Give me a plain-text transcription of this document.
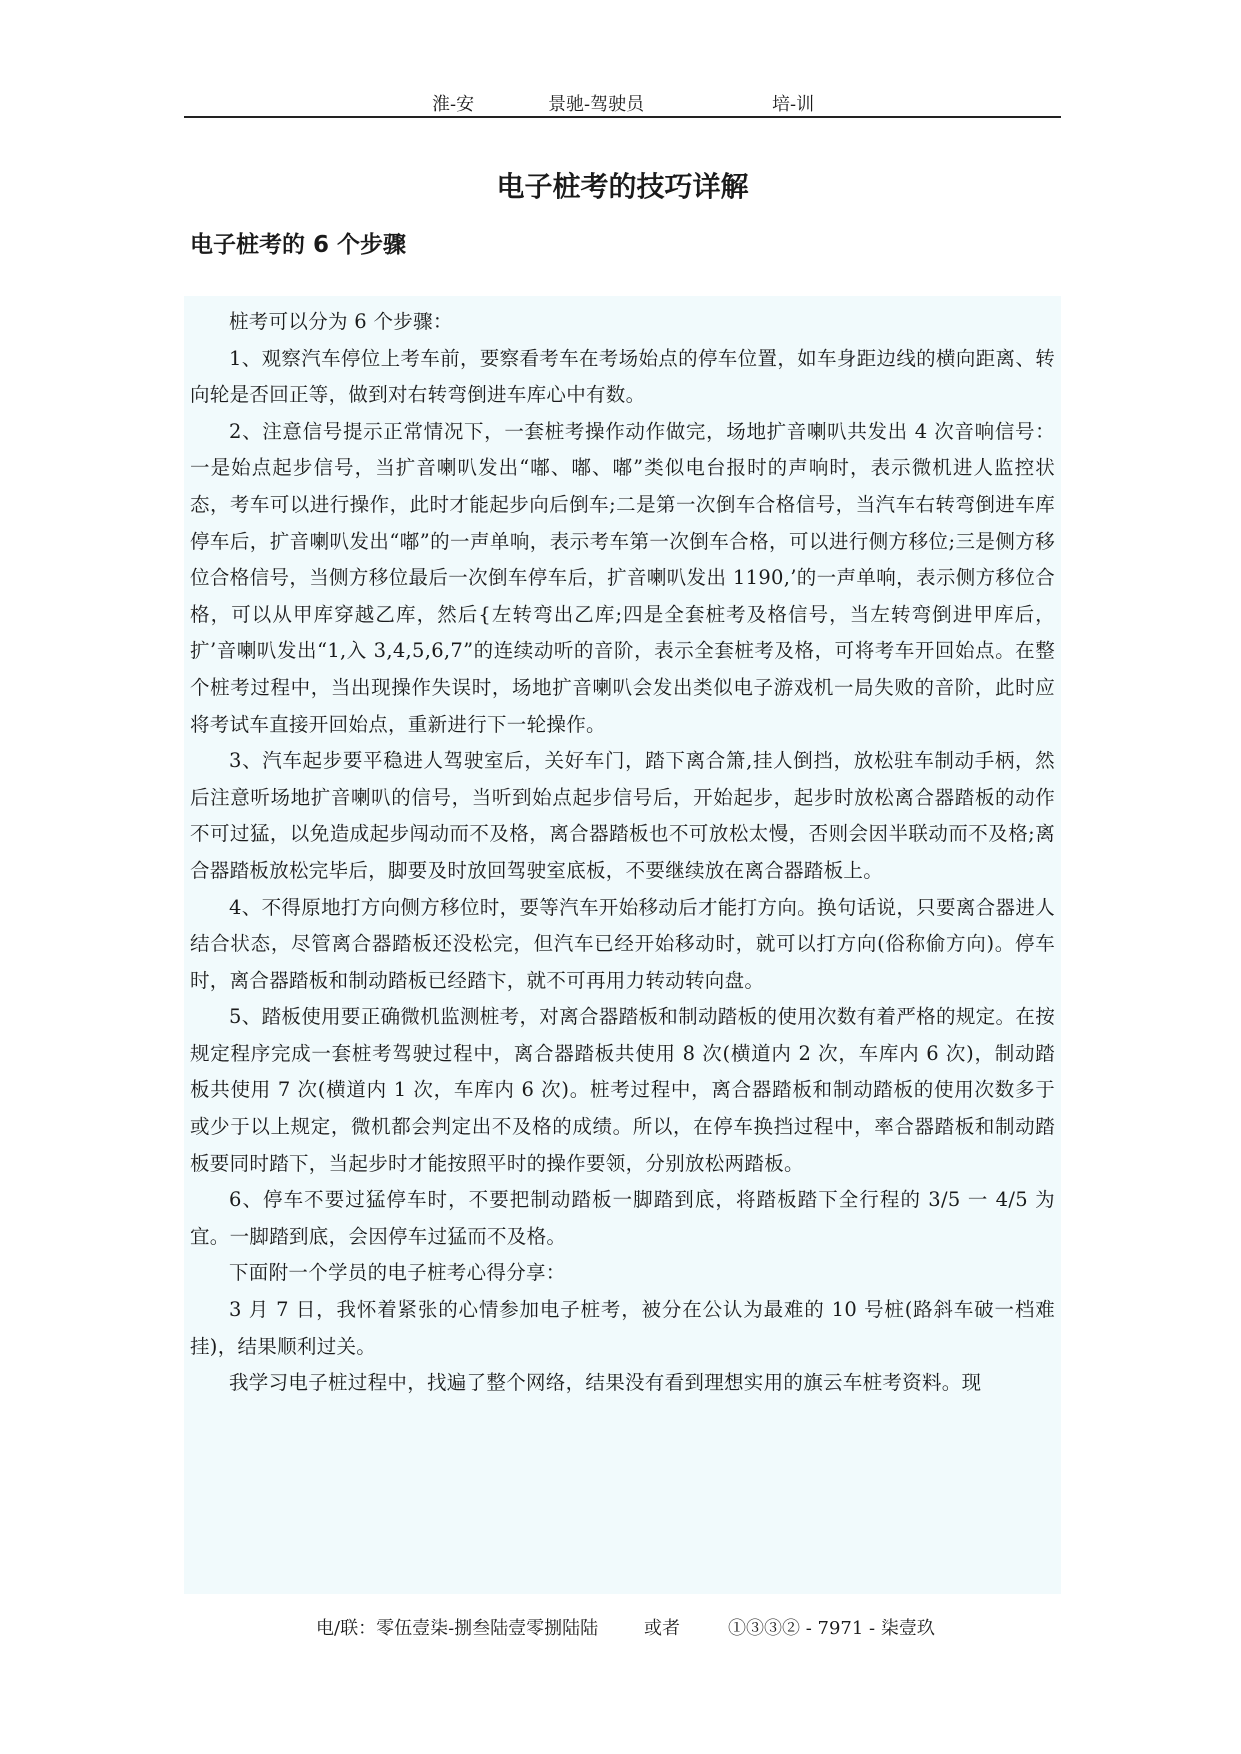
淮-安	景驰-驾驶员	培-训
电子桩考的技巧详解
电子桩考的 6 个步骤

桩考可以分为 6 个步骤：

1、观察汽车停位上考车前，要察看考车在考场始点的停车位置，如车身距边线的横向距离、转向轮是否回正等，做到对右转弯倒进车库心中有数。

2、注意信号提示正常情况下，一套桩考操作动作做完，场地扩音喇叭共发出 4 次音响信号：一是始点起步信号，当扩音喇叭发出“嘟、嘟、嘟”类似电台报时的声响时，表示微机进人监控状态，考车可以进行操作，此时才能起步向后倒车;二是第一次倒车合格信号，当汽车右转弯倒进车库停车后，扩音喇叭发出“嘟”的一声单响，表示考车第一次倒车合格，可以进行侧方移位;三是侧方移位合格信号，当侧方移位最后一次倒车停车后，扩音喇叭发出 1190,’的一声单响，表示侧方移位合格，可以从甲库穿越乙库，然后{左转弯出乙库;四是全套桩考及格信号，当左转弯倒进甲库后，扩’音喇叭发出“1,入 3,4,5,6,7”的连续动听的音阶，表示全套桩考及格，可将考车开回始点。在整个桩考过程中，当出现操作失误时，场地扩音喇叭会发出类似电子游戏机一局失败的音阶，此时应将考试车直接开回始点，重新进行下一轮操作。

3、汽车起步要平稳进人驾驶室后，关好车门，踏下离合箫,挂人倒挡，放松驻车制动手柄，然后注意听场地扩音喇叭的信号，当听到始点起步信号后，开始起步，起步时放松离合器踏板的动作不可过猛，以免造成起步闯动而不及格，离合器踏板也不可放松太慢，否则会因半联动而不及格;离合器踏板放松完毕后，脚要及时放回驾驶室底板，不要继续放在离合器踏板上。

4、不得原地打方向侧方移位时，要等汽车开始移动后才能打方向。换句话说，只要离合器进人结合状态，尽管离合器踏板还没松完，但汽车已经开始移动时，就可以打方向(俗称偷方向)。停车时，离合器踏板和制动踏板已经踏卞，就不可再用力转动转向盘。

5、踏板使用要正确微机监测桩考，对离合器踏板和制动踏板的使用次数有着严格的规定。在按规定程序完成一套桩考驾驶过程中，离合器踏板共使用 8 次(横道内 2 次，车库内 6 次)，制动踏板共使用 7 次(横道内 1 次，车库内 6 次)。桩考过程中，离合器踏板和制动踏板的使用次数多于或少于以上规定，微机都会判定出不及格的成绩。所以，在停车换挡过程中，率合器踏板和制动踏板要同时踏下，当起步时才能按照平时的操作要领，分别放松两踏板。

6、停车不要过猛停车时，不要把制动踏板一脚踏到底，将踏板踏下全行程的 3/5 一 4/5 为宜。一脚踏到底，会因停车过猛而不及格。

下面附一个学员的电子桩考心得分享：

3 月 7 日，我怀着紧张的心情参加电子桩考，被分在公认为最难的 10 号桩(路斜车破一档难挂)，结果顺利过关。

我学习电子桩过程中，找遍了整个网络，结果没有看到理想实用的旗云车桩考资料。现

电/联：零伍壹柒-捌叁陆壹零捌陆陆	或者	①③③② - 7971 - 柒壹玖
